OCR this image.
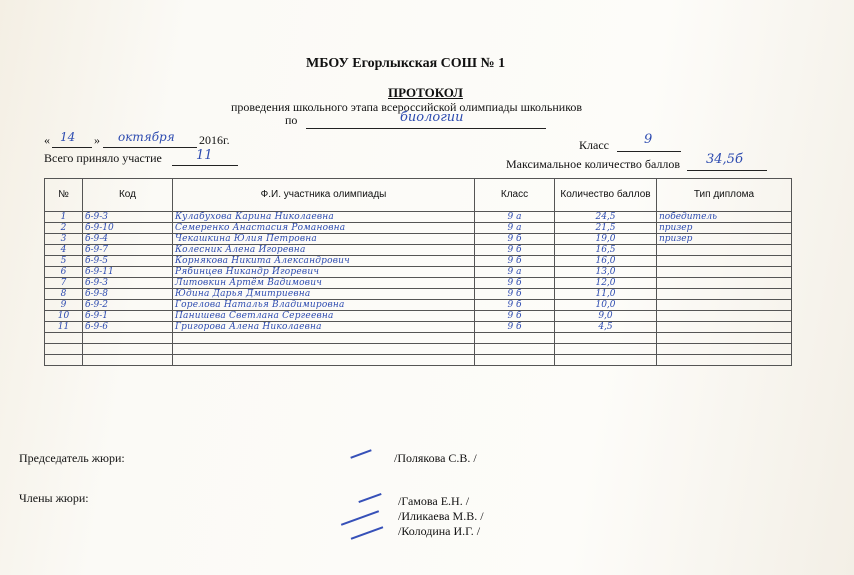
МБОУ Егорлыкская СОШ № 1
ПРОТОКОЛ
проведения школьного этапа всероссийской олимпиады школьников
по	биологии
« 14 » октября 2016г.	Класс	9
Всего приняло участие	11
Максимальное количество баллов 34,5б
№	Код	Ф.И. участника олимпиады	Класс	Количество баллов	Тип диплома
1	б-9-3	Кулабухова Карина Николаевна	9 а	24,5	победитель
2	б-9-10	Семеренко Анастасия Романовна	9 а	21,5	призер
3	б-9-4	Чекашкина Юлия Петровна	9 б	19,0	призер
4	б-9-7	Колесник Алена Игоревна	9 б	16,5	
5	б-9-5	Корнякова Никита Александрович	9 б	16,0	
6	б-9-11	Рябинцев Никандр Игоревич	9 а	13,0	
7	б-9-3	Литовкин Артём Вадимович	9 б	12,0	
8	б-9-8	Юдина Дарья Дмитриевна	9 б	11,0	
9	б-9-2	Горелова Наталья Владимировна	9 б	10,0	
10	б-9-1	Панишева Светлана Сергеевна	9 б	9,0	
11	б-9-6	Григорова Алена Николаевна	9 б	4,5	

Председатель жюри:	/Полякова С.В. /
Члены жюри:	/Гамова Е.Н. /
/Иликаева М.В. /
/Колодина И.Г. /
